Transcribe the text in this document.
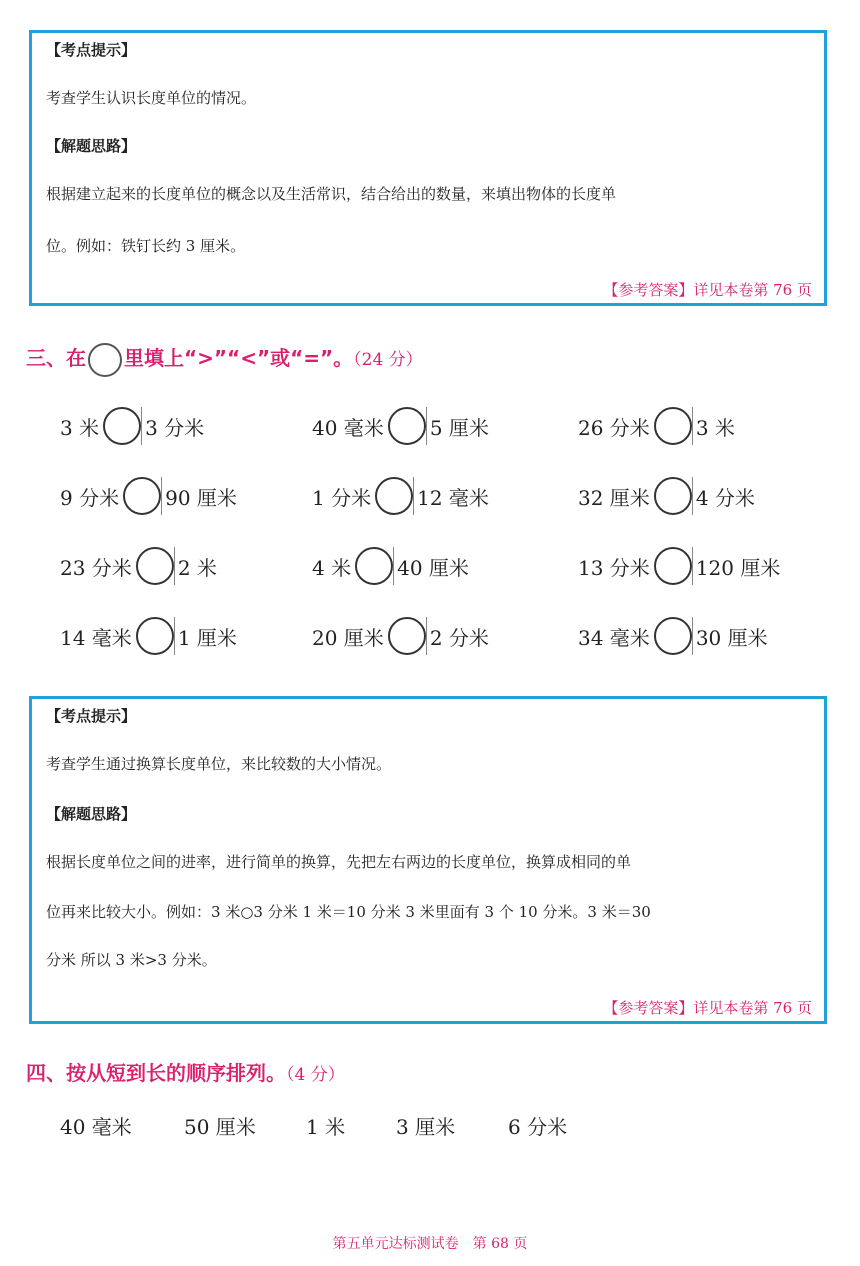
【考点提示】
考查学生认识长度单位的情况。
【解题思路】
根据建立起来的长度单位的概念以及生活常识，结合给出的数量，来填出物体的长度单
位。例如：铁钉长约 3 厘米。
【参考答案】详见本卷第 76 页
三、在 里填上“>”“<”或“=”。（24 分）
3 米 3 分米	40 毫米 5 厘米	26 分米 3 米
9 分米 90 厘米	1 分米 12 毫米	32 厘米 4 分米
23 分米 2 米	4 米 40 厘米	13 分米 120 厘米
14 毫米 1 厘米	20 厘米 2 分米	34 毫米 30 厘米
【考点提示】
考查学生通过换算长度单位，来比较数的大小情况。
【解题思路】
根据长度单位之间的进率，进行简单的换算，先把左右两边的长度单位，换算成相同的单
位再来比较大小。例如：3 米○3 分米 1 米＝10 分米 3 米里面有 3 个 10 分米。3 米＝30
分米 所以 3 米>3 分米。
【参考答案】详见本卷第 76 页
四、按从短到长的顺序排列。（4 分）
40 毫米	50 厘米	1 米	3 厘米	6 分米
第五单元达标测试卷　第 68 页
